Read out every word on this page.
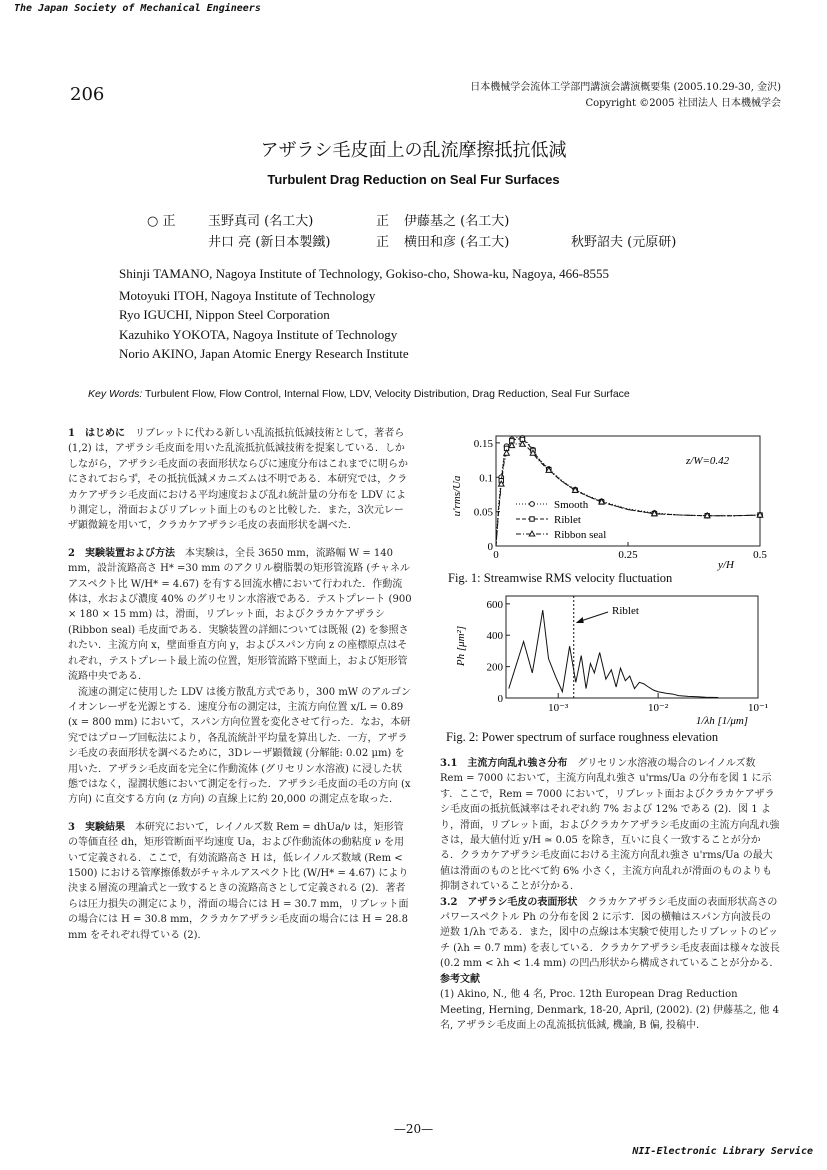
The Japan Society of Mechanical Engineers
206	日本機械学会流体工学部門講演会講演概要集 (2005.10.29-30, 金沢)
Copyright ©2005 社団法人 日本機械学会
アザラシ毛皮面上の乱流摩擦抵抗低減
Turbulent Drag Reduction on Seal Fur Surfaces
○ 正	玉野真司 (名工大)	正 伊藤基之 (名工大)
井口 亮 (新日本製鐵)	正 横田和彦 (名工大)	秋野詔夫 (元原研)
Shinji TAMANO, Nagoya Institute of Technology, Gokiso-cho, Showa-ku, Nagoya, 466-8555
Motoyuki ITOH, Nagoya Institute of Technology
Ryo IGUCHI, Nippon Steel Corporation
Kazuhiko YOKOTA, Nagoya Institute of Technology
Norio AKINO, Japan Atomic Energy Research Institute
Key Words: Turbulent Flow, Flow Control, Internal Flow, LDV, Velocity Distribution, Drag Reduction, Seal Fur Surface

1　はじめに　 リブレットに代わる新しい乱流抵抗低減技術として，著者ら (1,2) は，アザラシ毛皮面を用いた乱流抵抗低減技術を提案している．しかしながら，アザラシ毛皮面の表面形状ならびに速度分布はこれまでに明らかにされておらず，その抵抗低減メカニズムは不明である．本研究では，クラカケアザラシ毛皮面における平均速度および乱れ統計量の分布を LDV により測定し，滑面およびリブレット面上のものと比較した．また，3次元レーザ顕微鏡を用いて，クラカケアザラシ毛皮の表面形状を調べた．

2　実験装置および方法　 本実験は，全長 3650 mm，流路幅 W = 140 mm，設計流路高さ H* =30 mm のアクリル樹脂製の矩形管流路 (チャネルアスペクト比 W/H* = 4.67) を有する回流水槽において行われた．作動流体は，水および濃度 40% のグリセリン水溶液である．テストプレート (900 × 180 × 15 mm) は，滑面，リブレット面，およびクラカケアザラシ (Ribbon seal) 毛皮面である．実験装置の詳細については既報 (2) を参照されたい．主流方向 x，壁面垂直方向 y，およびスパン方向 z の座標原点はそれぞれ，テストプレート最上流の位置，矩形管流路下壁面上，および矩形管流路中央である．

流速の測定に使用した LDV は後方散乱方式であり，300 mW のアルゴンイオンレーザを光源とする．速度分布の測定は，主流方向位置 x/L = 0.89 (x = 800 mm) において，スパン方向位置を変化させて行った．なお，本研究ではプローブ回転法により，各乱流統計平均量を算出した．一方，アザラシ毛皮の表面形状を調べるために，3Dレーザ顕微鏡 (分解能: 0.02 μm) を用いた．アザラシ毛皮面を完全に作動流体 (グリセリン水溶液) に浸した状態ではなく，湿潤状態において測定を行った．アザラシ毛皮面の毛の方向 (x 方向) に直交する方向 (z 方向) の直線上に約 20,000 の測定点を取った．

3　実験結果　 本研究において，レイノルズ数 Rem = dhUa/ν は，矩形管の等価直径 dh，矩形管断面平均速度 Ua，および作動流体の動粘度 ν を用いて定義される．ここで，有効流路高さ H は，低レイノルズ数域 (Rem < 1500) における管摩擦係数がチャネルアスペクト比 (W/H* = 4.67) により決まる層流の理論式と一致するときの流路高さとして定義される (2)．著者らは圧力損失の測定により，滑面の場合には H = 30.7 mm，リブレット面の場合には H = 30.8 mm，クラカケアザラシ毛皮面の場合には H = 28.8 mm をそれぞれ得ている (2)．

0	0.25	0.5
0
0.05
0.1
0.15
y/H
u'rms/Ua
z/W=0.42
Smooth
Riblet
Ribbon seal
Fig. 1: Streamwise RMS velocity fluctuation
10⁻³	10⁻²	10⁻¹
0
200
400
600
1/λh [1/μm]
Ph [μm²]
Riblet
Fig. 2: Power spectrum of surface roughness elevation

3.1　主流方向乱れ強さ分布　 グリセリン水溶液の場合のレイノルズ数 Rem = 7000 において，主流方向乱れ強さ u'rms/Ua の分布を図 1 に示す．ここで，Rem = 7000 において，リブレット面およびクラカケアザラシ毛皮面の抵抗低減率はそれぞれ約 7% および 12% である (2)．図 1 より，滑面，リブレット面，およびクラカケアザラシ毛皮面の主流方向乱れ強さは，最大値付近 y/H ≃ 0.05 を除き，互いに良く一致することが分かる．クラカケアザラシ毛皮面における主流方向乱れ強さ u'rms/Ua の最大値は滑面のものと比べて約 6% 小さく，主流方向乱れが滑面のものよりも抑制されていることが分かる．

3.2　アザラシ毛皮の表面形状　 クラカケアザラシ毛皮面の表面形状高さのパワースペクトル Ph の分布を図 2 に示す．図の横軸はスパン方向波長の逆数 1/λh である．また，図中の点線は本実験で使用したリブレットのピッチ (λh = 0.7 mm) を表している．クラカケアザラシ毛皮表面は様々な波長 (0.2 mm < λh < 1.4 mm) の凹凸形状から構成されていることが分かる．

参考文献

(1) Akino, N., 他 4 名, Proc. 12th European Drag Reduction Meeting, Herning, Denmark, 18-20, April, (2002). (2) 伊藤基之, 他 4 名, アザラシ毛皮面上の乱流抵抗低減, 機論, B 偏, 投稿中.

—20—
NII-Electronic Library Service
